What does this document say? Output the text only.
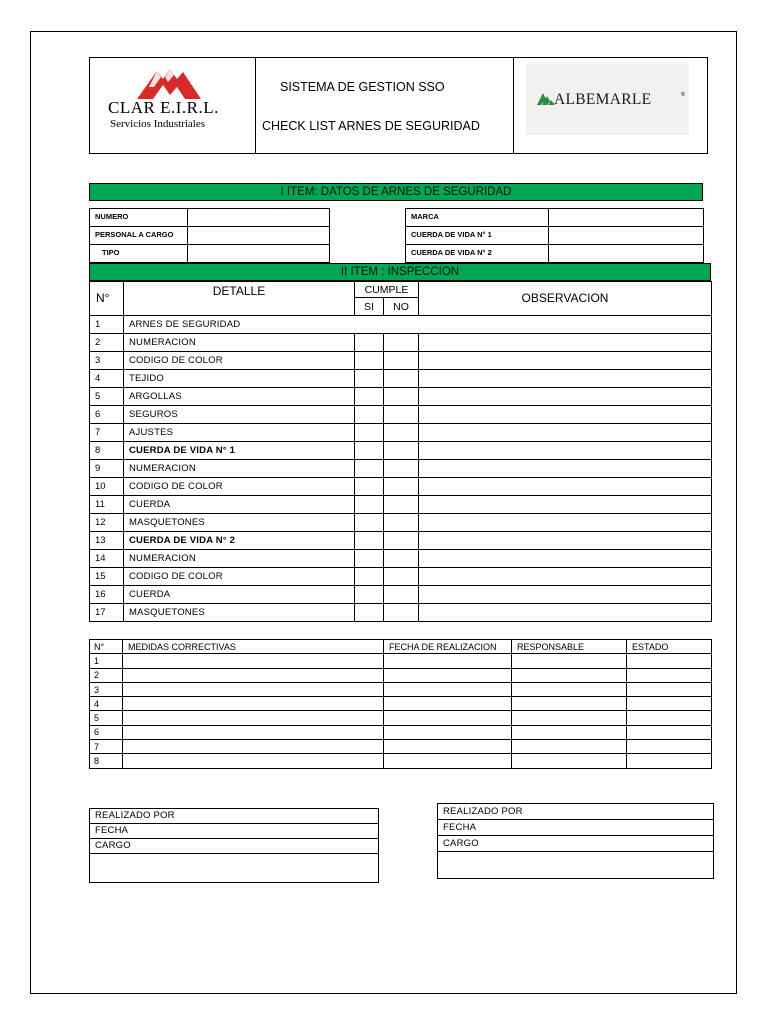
CLAR E.I.R.L.
Servicios Industriales
SISTEMA DE GESTION SSO
CHECK LIST ARNES DE SEGURIDAD
ALBEMARLE	®
I ITEM: DATOS DE ARNES DE SEGURIDAD
NUMERO
PERSONAL A CARGO
TIPO
MARCA
CUERDA DE VIDA N° 1
CUERDA DE VIDA N° 2
II ITEM : INSPECCION
N°	DETALLE	CUMPLE		OBSERVACION
		SI	NO	
1	ARNES DE SEGURIDAD			
2	NUMERACION			
3	CODIGO DE COLOR			
4	TEJIDO			
5	ARGOLLAS			
6	SEGUROS			
7	AJUSTES			
8	CUERDA DE VIDA N° 1			
9	NUMERACION			
10	CODIGO DE COLOR			
11	CUERDA			
12	MASQUETONES			
13	CUERDA DE VIDA N° 2			
14	NUMERACION			
15	CODIGO DE COLOR			
16	CUERDA			
17	MASQUETONES			
N°	MEDIDAS CORRECTIVAS	FECHA DE REALIZACION	RESPONSABLE	ESTADO
1				
2				
3				
4				
5				
6				
7				
8				
REALIZADO POR
FECHA
CARGO

REALIZADO POR
FECHA
CARGO
